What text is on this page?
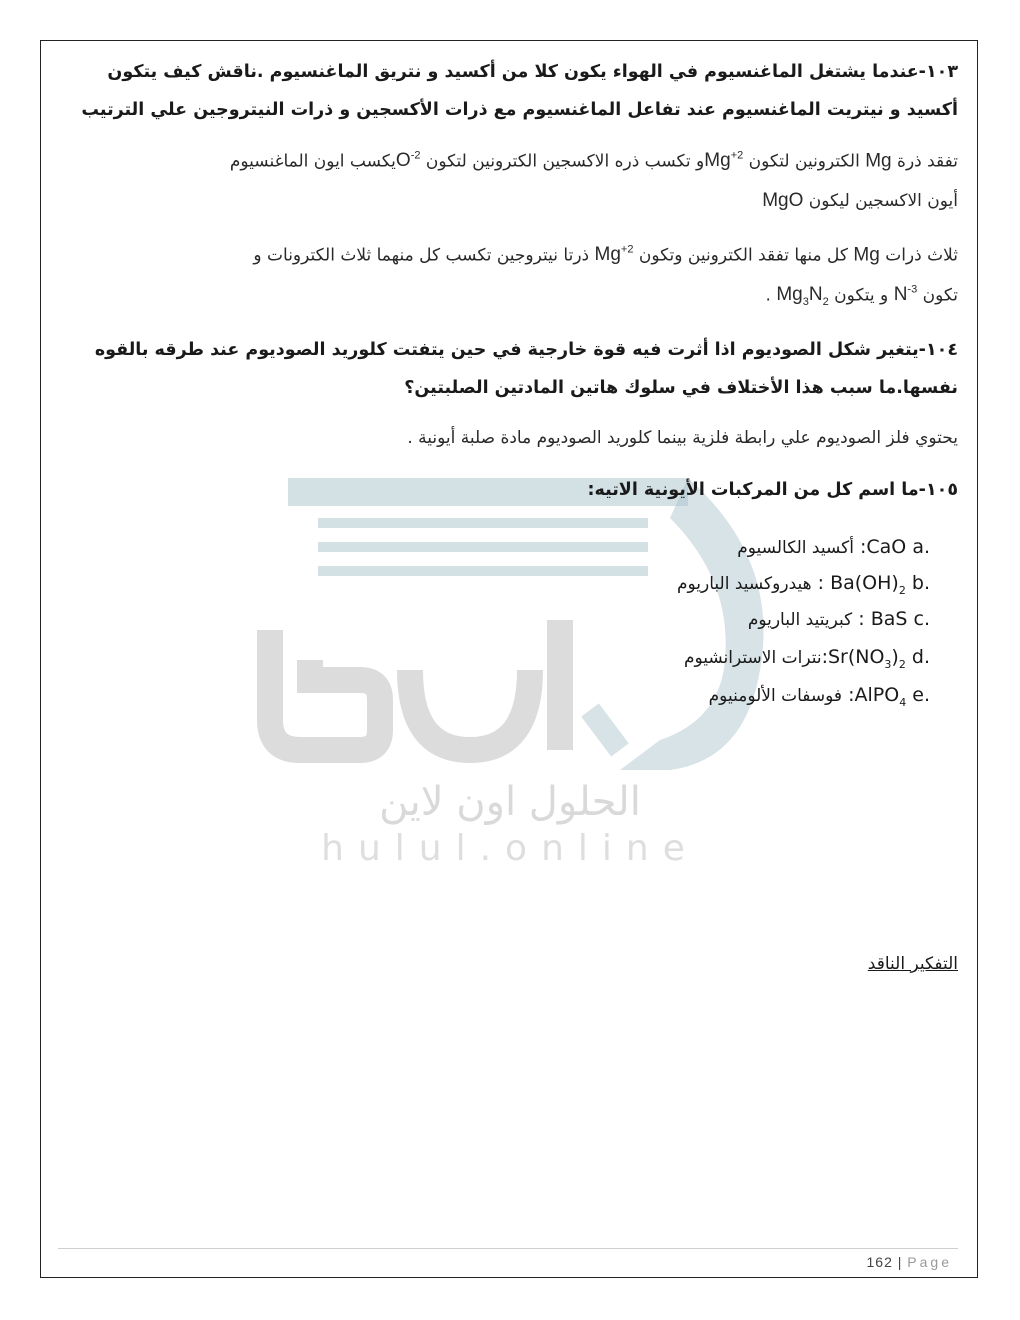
الحلول اون لاين
hulul.online
١٠٣-عندما يشتغل الماغنسيوم في الهواء يكون كلا من أكسيد و نتريق الماغنسيوم .ناقش كيف يتكون
أكسيد و نيتريت الماغنسيوم عند تفاعل الماغنسيوم مع ذرات الأكسجين و ذرات النيتروجين علي الترتيب
تفقد ذرة Mg الكترونين لتكون $Mg^{+2}و$ تكسب ذره الاكسجين الكترونين لتكون $O^{-2}يكسب$ ايون الماغنسيوم
أيون الاكسجين ليكون MgO
ثلاث ذرات Mg كل منها تفقد الكترونين وتكون $Mg^{+2}$ ذرتا نيتروجين تكسب كل منهما ثلاث الكترونات و
تكون $N^{-3}$ و يتكون $Mg_3N_2$ .
١٠٤-يتغير شكل الصوديوم اذا أثرت فيه قوة خارجية في حين يتفتت كلوريد الصوديوم عند طرقه بالقوه
نفسها.ما سبب هذا الأختلاف في سلوك هاتين المادتين الصلبتين؟
يحتوي فلز الصوديوم علي رابطة فلزية بينما كلوريد الصوديوم مادة صلبة أيونية .
١٠٥-ما اسم كل من المركبات الأيونية الاتيه:
أكسيد الكالسيوم :CaO a.
هيدروكسيد الباريوم : $Ba(OH)_2$ b.
كبريتيد الباريوم : BaS c.
نترات $الاسترانشيوم:Sr(NO_3)_2$ d.
فوسفات الألومنيوم :AlPO$_4$ e.
التفكير الناقد
162 | Page
